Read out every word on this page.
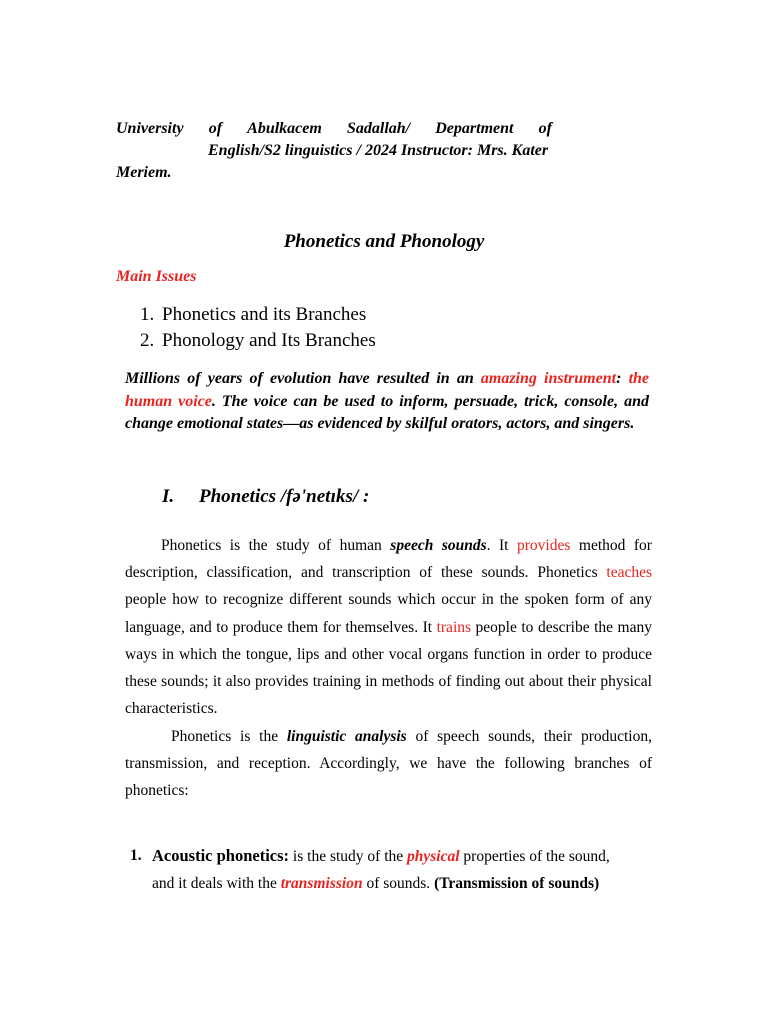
University of Abulkacem Sadallah/ Department of
English/S2 linguistics / 2024 Instructor: Mrs. Kater
Meriem.
Phonetics and Phonology
Main Issues
1. Phonetics and its Branches
2. Phonology and Its Branches
Millions of years of evolution have resulted in an amazing instrument: the human voice. The voice can be used to inform, persuade, trick, console, and change emotional states—as evidenced by skilful orators, actors, and singers.
I. Phonetics /fə'netɪks/ :
Phonetics is the study of human speech sounds. It provides method for description, classification, and transcription of these sounds. Phonetics teaches people how to recognize different sounds which occur in the spoken form of any language, and to produce them for themselves. It trains people to describe the many ways in which the tongue, lips and other vocal organs function in order to produce these sounds; it also provides training in methods of finding out about their physical characteristics.
Phonetics is the linguistic analysis of speech sounds, their production, transmission, and reception. Accordingly, we have the following branches of phonetics:
1. Acoustic phonetics: is the study of the physical properties of the sound, and it deals with the transmission of sounds. (Transmission of sounds)
